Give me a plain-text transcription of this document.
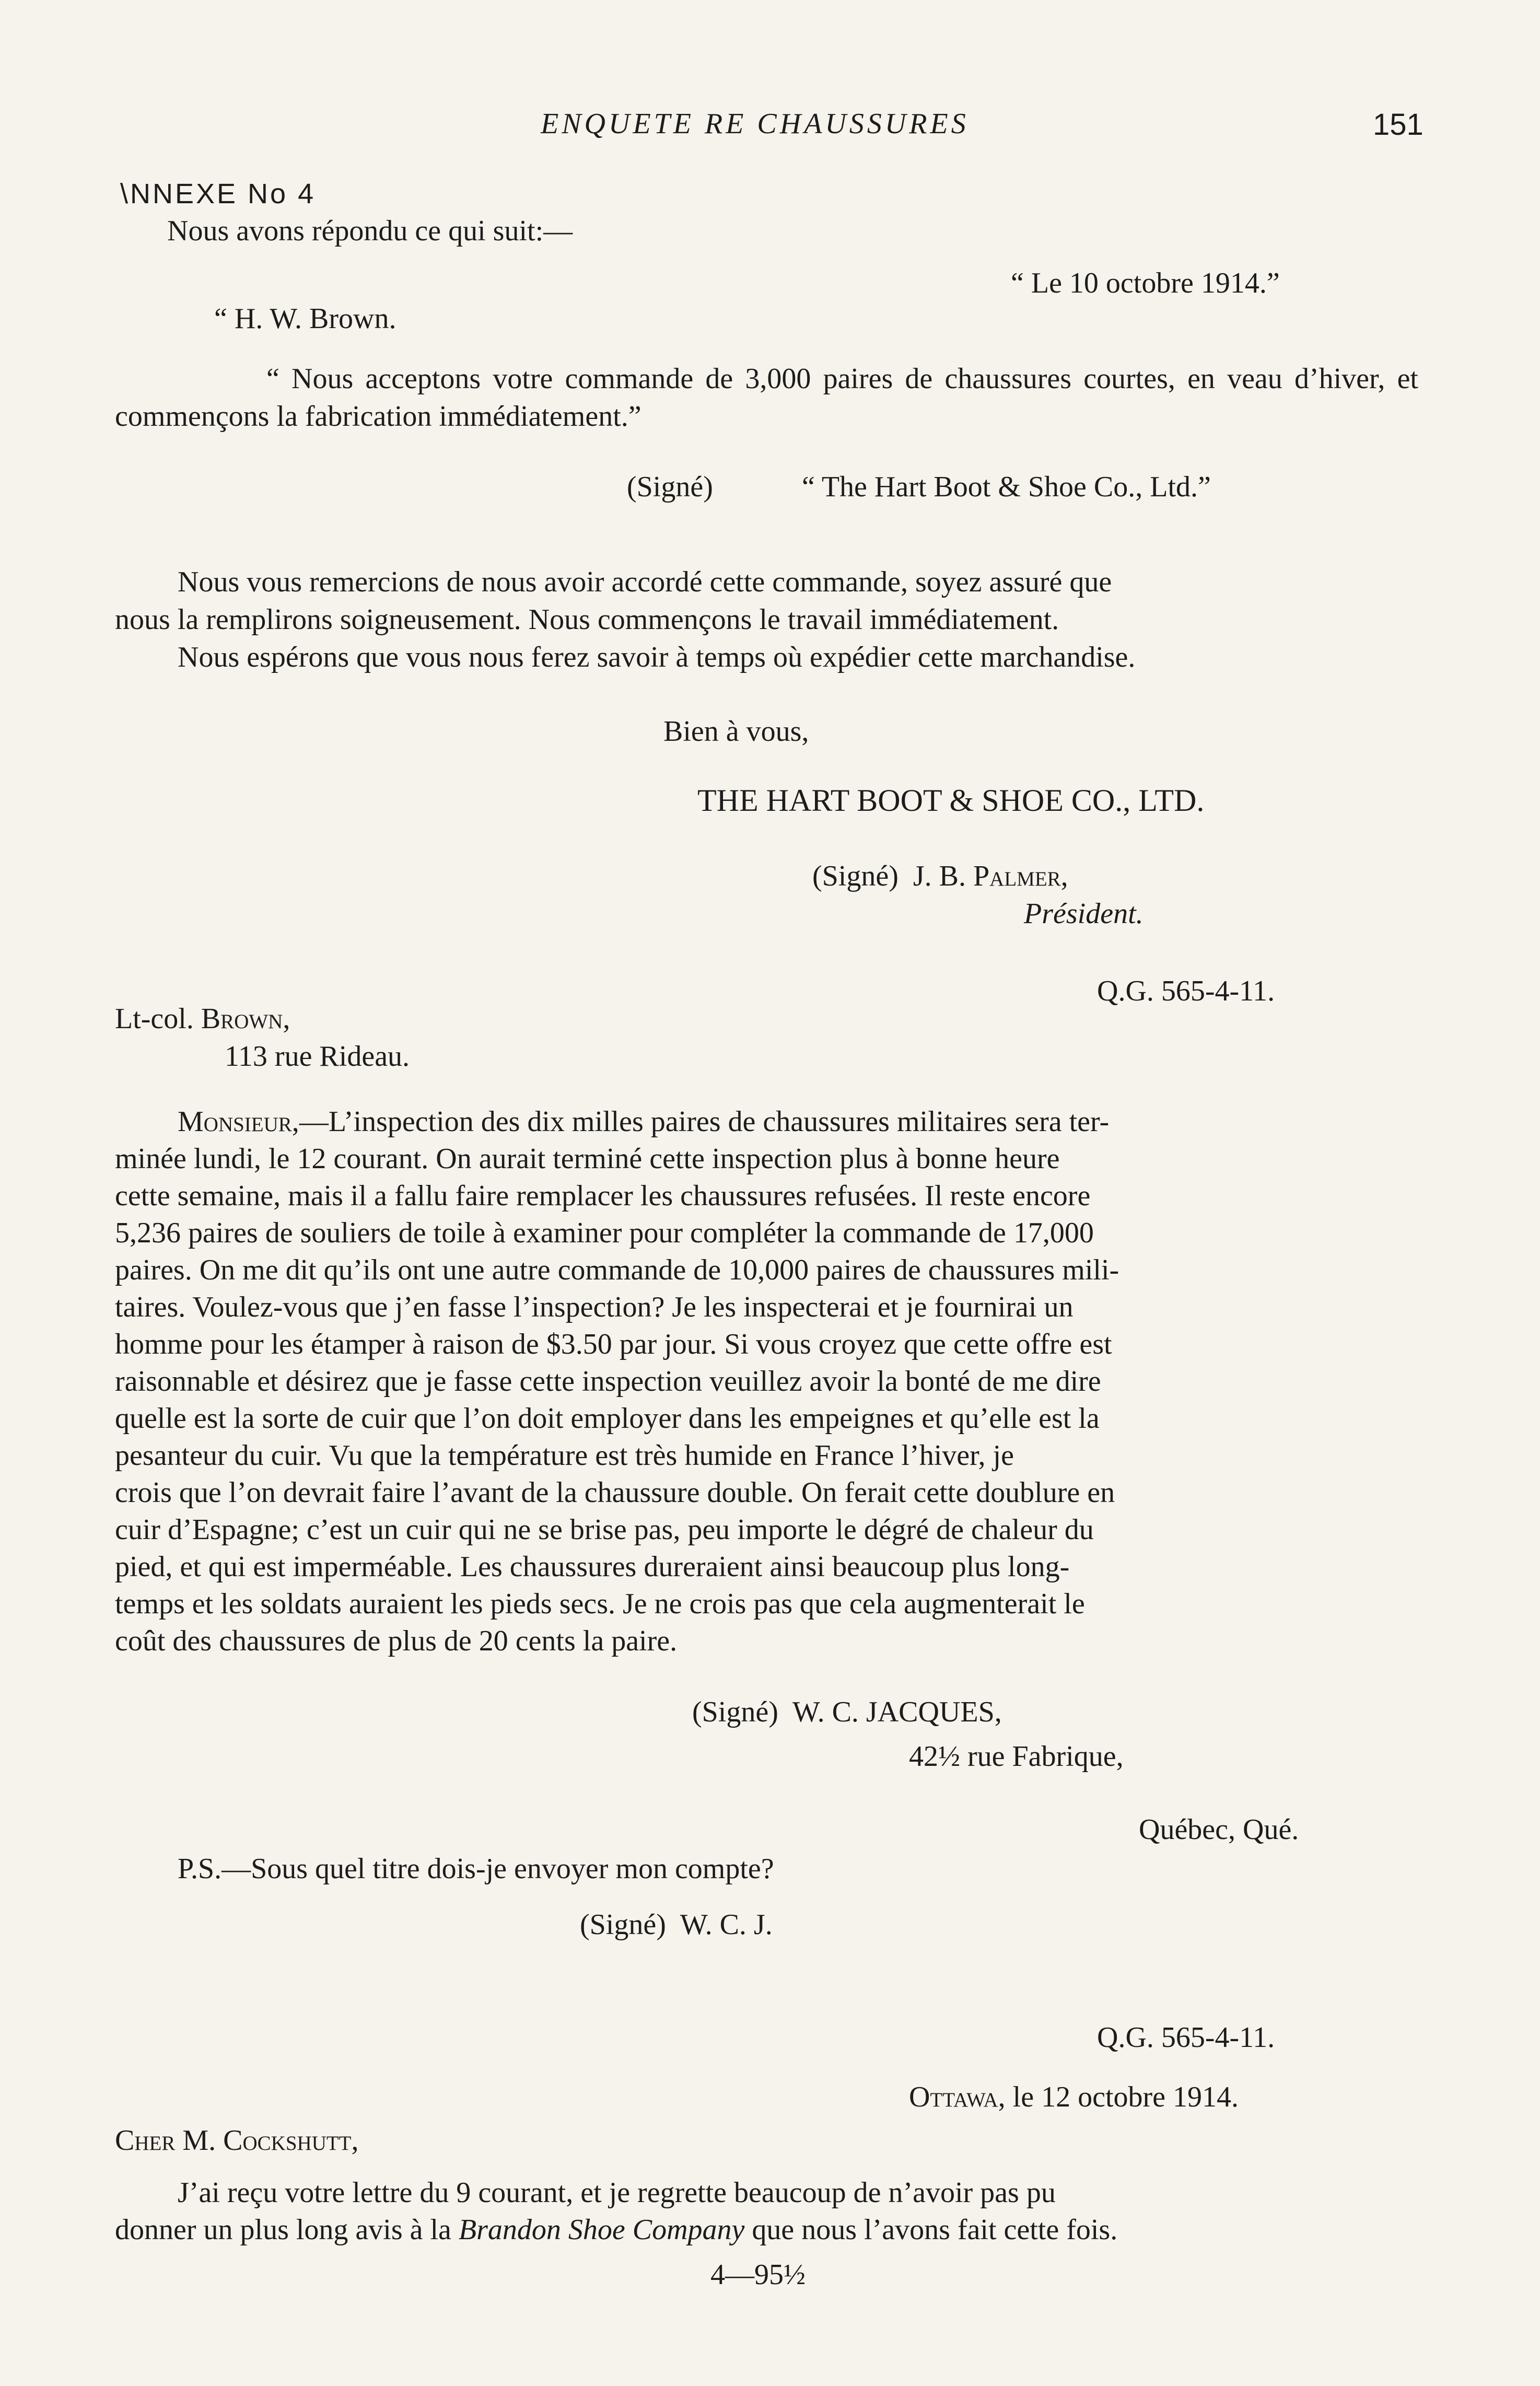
ENQUETE RE CHAUSSURES	151
\NNEXE No 4
Nous avons répondu ce qui suit:—
“ Le 10 octobre 1914.”
“ H. W. Brown.
“ Nous acceptons votre commande de 3,000 paires de chaussures courtes, en veau d’hiver, et commençons la fabrication immédiatement.”
(Signé)	“ The Hart Boot & Shoe Co., Ltd.”
Nous vous remercions de nous avoir accordé cette commande, soyez assuré que
nous la remplirons soigneusement. Nous commençons le travail immédiatement.
Nous espérons que vous nous ferez savoir à temps où expédier cette marchandise.
Bien à vous,
THE HART BOOT & SHOE CO., LTD.
(Signé) J. B. Palmer,
Président.
Q.G. 565-4-11.
Lt-col. Brown,
113 rue Rideau.
Monsieur,—L’inspection des dix milles paires de chaussures militaires sera ter-
minée lundi, le 12 courant. On aurait terminé cette inspection plus à bonne heure
cette semaine, mais il a fallu faire remplacer les chaussures refusées. Il reste encore
5,236 paires de souliers de toile à examiner pour compléter la commande de 17,000
paires. On me dit qu’ils ont une autre commande de 10,000 paires de chaussures mili-
taires. Voulez-vous que j’en fasse l’inspection? Je les inspecterai et je fournirai un
homme pour les étamper à raison de $3.50 par jour. Si vous croyez que cette offre est
raisonnable et désirez que je fasse cette inspection veuillez avoir la bonté de me dire
quelle est la sorte de cuir que l’on doit employer dans les empeignes et qu’elle est la
pesanteur du cuir. Vu que la température est très humide en France l’hiver, je
crois que l’on devrait faire l’avant de la chaussure double. On ferait cette doublure en
cuir d’Espagne; c’est un cuir qui ne se brise pas, peu importe le dégré de chaleur du
pied, et qui est imperméable. Les chaussures dureraient ainsi beaucoup plus long-
temps et les soldats auraient les pieds secs. Je ne crois pas que cela augmenterait le
coût des chaussures de plus de 20 cents la paire.
(Signé) W. C. JACQUES,
42½ rue Fabrique,
Québec, Qué.
P.S.—Sous quel titre dois-je envoyer mon compte?
(Signé) W. C. J.
Q.G. 565-4-11.
Ottawa, le 12 octobre 1914.
Cher M. Cockshutt,
J’ai reçu votre lettre du 9 courant, et je regrette beaucoup de n’avoir pas pu
donner un plus long avis à la Brandon Shoe Company que nous l’avons fait cette fois.
4—95½
